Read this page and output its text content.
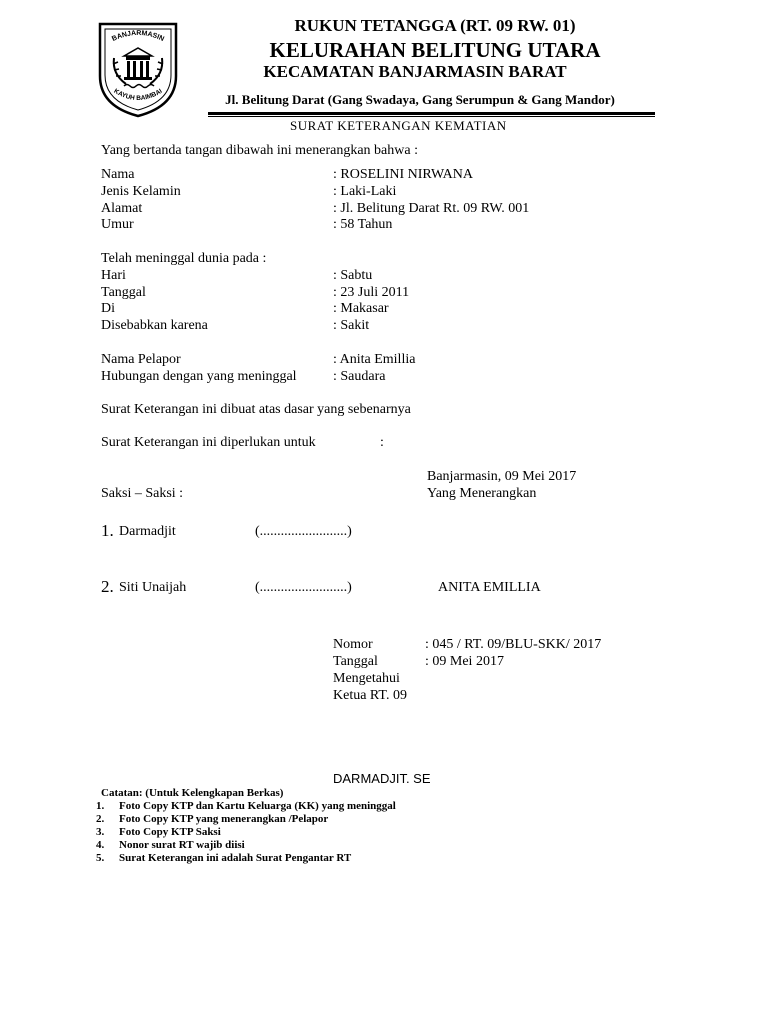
BANJARMASIN
KAYUH BAIMBAI
RUKUN TETANGGA (RT. 09 RW. 01)
KELURAHAN BELITUNG UTARA
KECAMATAN BANJARMASIN BARAT
Jl. Belitung Darat (Gang Swadaya, Gang Serumpun & Gang Mandor)
SURAT KETERANGAN KEMATIAN
Yang bertanda tangan dibawah ini menerangkan bahwa :
Nama	: ROSELINI NIRWANA
Jenis Kelamin	: Laki-Laki
Alamat	: Jl. Belitung Darat Rt. 09 RW. 001
Umur	: 58 Tahun
Telah meninggal dunia pada :
Hari	: Sabtu
Tanggal	: 23 Juli 2011
Di	: Makasar
Disebabkan karena	: Sakit
Nama Pelapor	: Anita Emillia
Hubungan dengan yang meninggal	: Saudara
Surat Keterangan ini dibuat atas dasar yang sebenarnya
Surat Keterangan ini diperlukan untuk	:
Banjarmasin, 09 Mei 2017
Saksi – Saksi :	Yang Menerangkan
1. Darmadjit	(.........................)
2. Siti Unaijah	(.........................)	ANITA EMILLIA
Nomor	: 045 / RT. 09/BLU-SKK/ 2017
Tanggal	: 09 Mei 2017
Mengetahui
Ketua RT. 09
DARMADJIT. SE
Catatan: (Untuk Kelengkapan Berkas)
1. Foto Copy KTP dan Kartu Keluarga (KK) yang meninggal
2. Foto Copy KTP yang menerangkan /Pelapor
3. Foto Copy KTP Saksi
4. Nonor surat RT wajib diisi
5. Surat Keterangan ini adalah Surat Pengantar RT
